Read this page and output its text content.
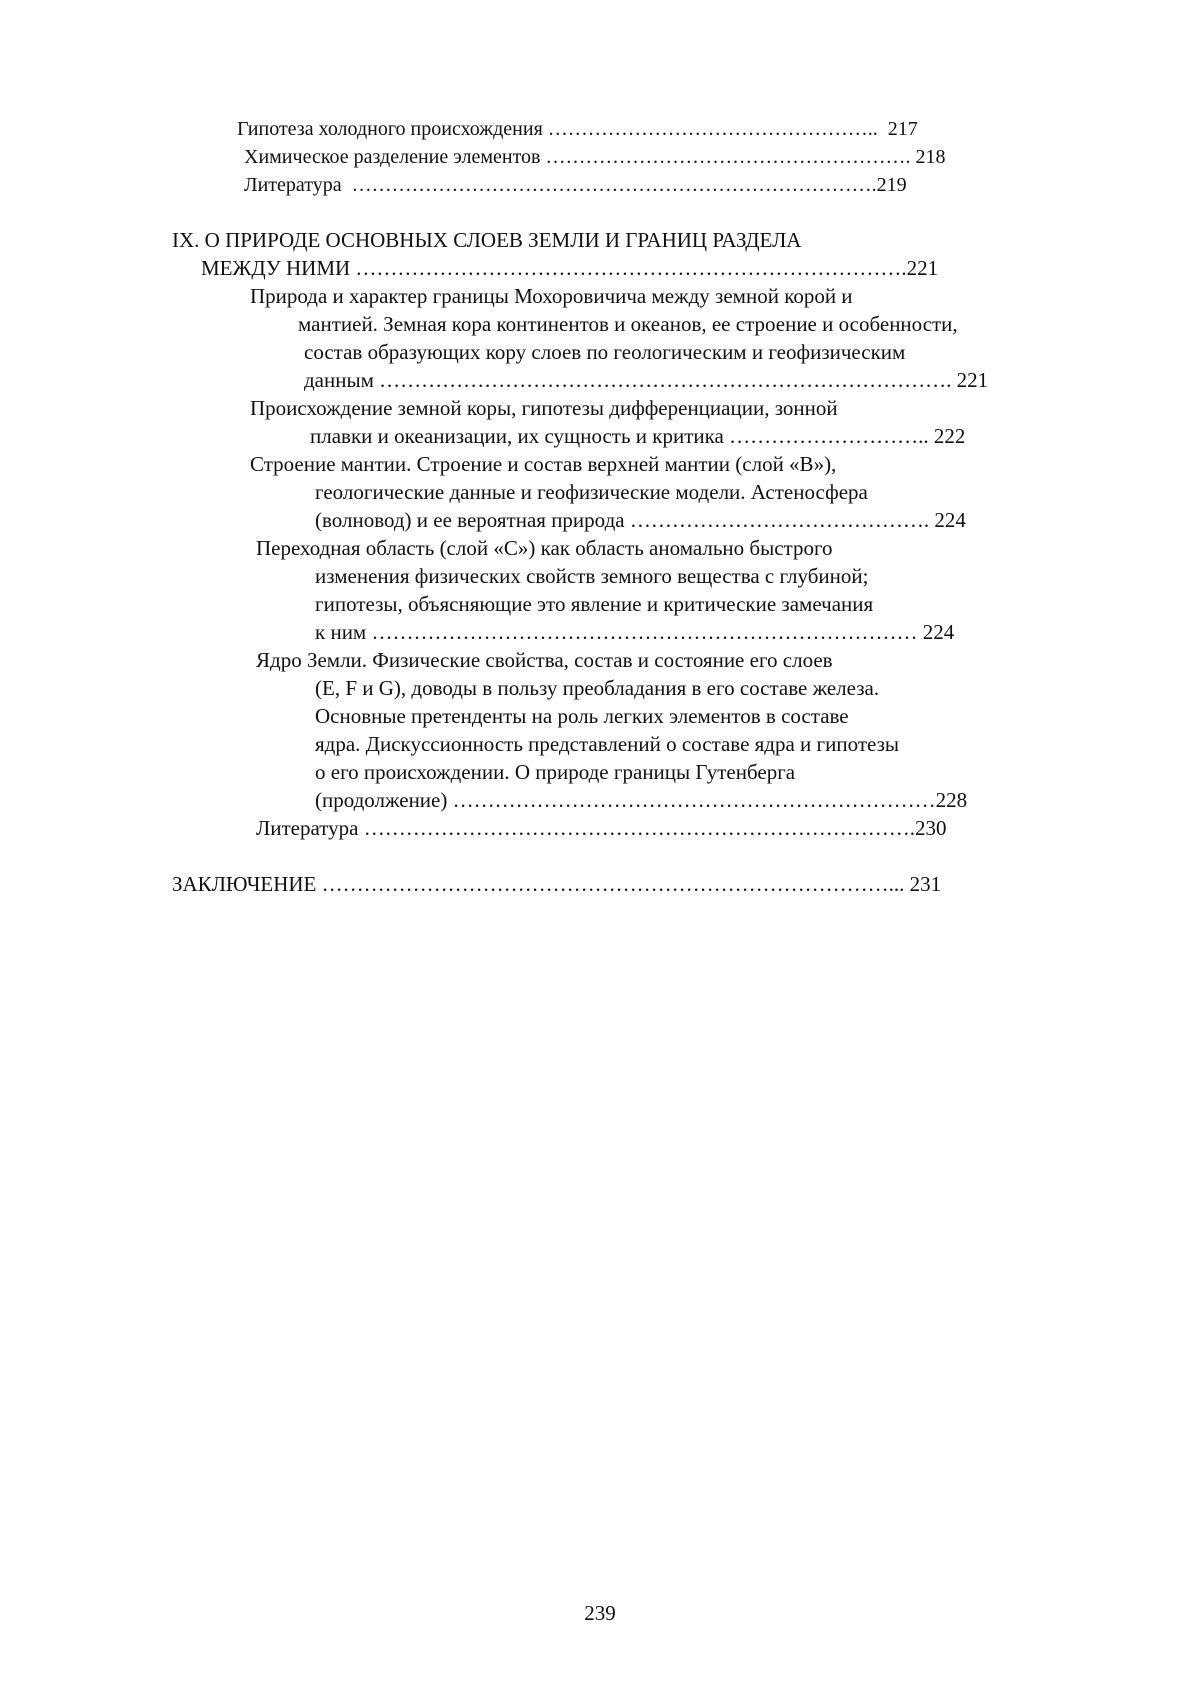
Гипотеза холодного происхождения …………………………………………..  217

Химическое разделение элементов ………………………………………………. 218

Литература  …………………………………………………………………….219

IX. О ПРИРОДЕ ОСНОВНЫХ СЛОЕВ ЗЕМЛИ И ГРАНИЦ РАЗДЕЛА

МЕЖДУ НИМИ …………………………………………………………………….221

Природа и характер границы Мохоровичича между земной корой и

мантией. Земная кора континентов и океанов, ее строение и особенности,

состав образующих кору слоев по геологическим и геофизическим

данным ………………………………………………………………………. 221

Происхождение земной коры, гипотезы дифференциации, зонной

плавки и океанизации, их сущность и критика ……………………….. 222

Строение мантии. Строение и состав верхней мантии (слой «В»),

геологические данные и геофизические модели. Астеносфера

(волновод) и ее вероятная природа ……………………………………. 224

Переходная область (слой «С») как область аномально быстрого

изменения физических свойств земного вещества с глубиной;

гипотезы, объясняющие это явление и критические замечания

к ним …………………………………………………………………… 224

Ядро Земли. Физические свойства, состав и состояние его слоев

(E, F и G), доводы в пользу преобладания в его составе железа.

Основные претенденты на роль легких элементов в составе

ядра. Дискуссионность представлений о составе ядра и гипотезы

о его происхождении. О природе границы Гутенберга

(продолжение) ……………………………………………………………228

Литература …………………………………………………………………….230

ЗАКЛЮЧЕНИЕ ………………………………………………………………………... 231

239
